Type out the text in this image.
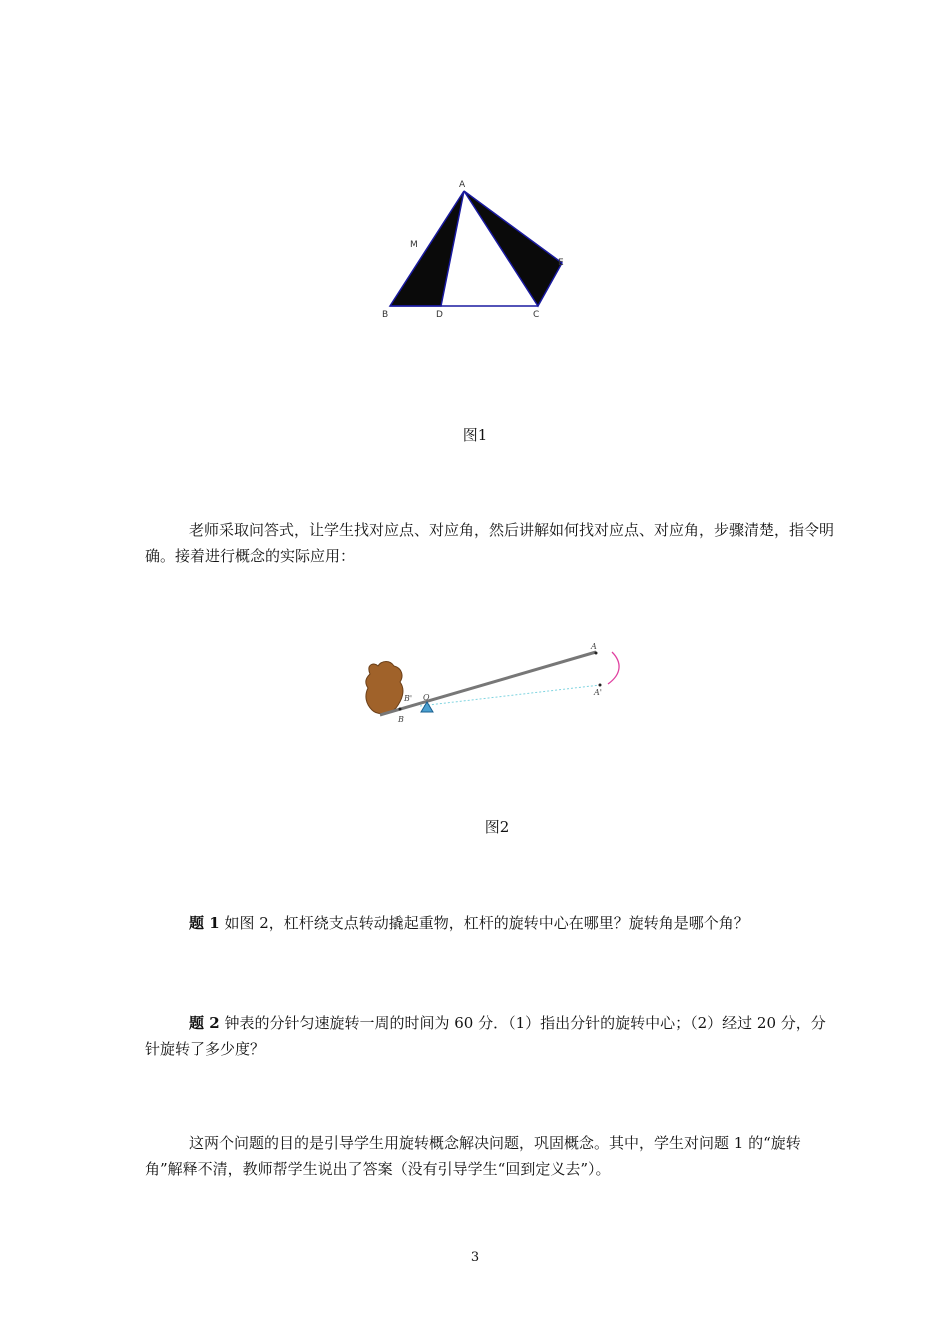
A
M
E
B	D	C
图1

老师采取问答式，让学生找对应点、对应角，然后讲解如何找对应点、对应角，步骤清楚，指令明确。接着进行概念的实际应用：

A
A'
B' O
B
图2

题 1 如图 2，杠杆绕支点转动撬起重物，杠杆的旋转中心在哪里？旋转角是哪个角？

题 2 钟表的分针匀速旋转一周的时间为 60 分．（1）指出分针的旋转中心；（2）经过 20 分，分针旋转了多少度？

这两个问题的目的是引导学生用旋转概念解决问题，巩固概念。其中，学生对问题 1 的“旋转角”解释不清，教师帮学生说出了答案（没有引导学生“回到定义去”）。

3
